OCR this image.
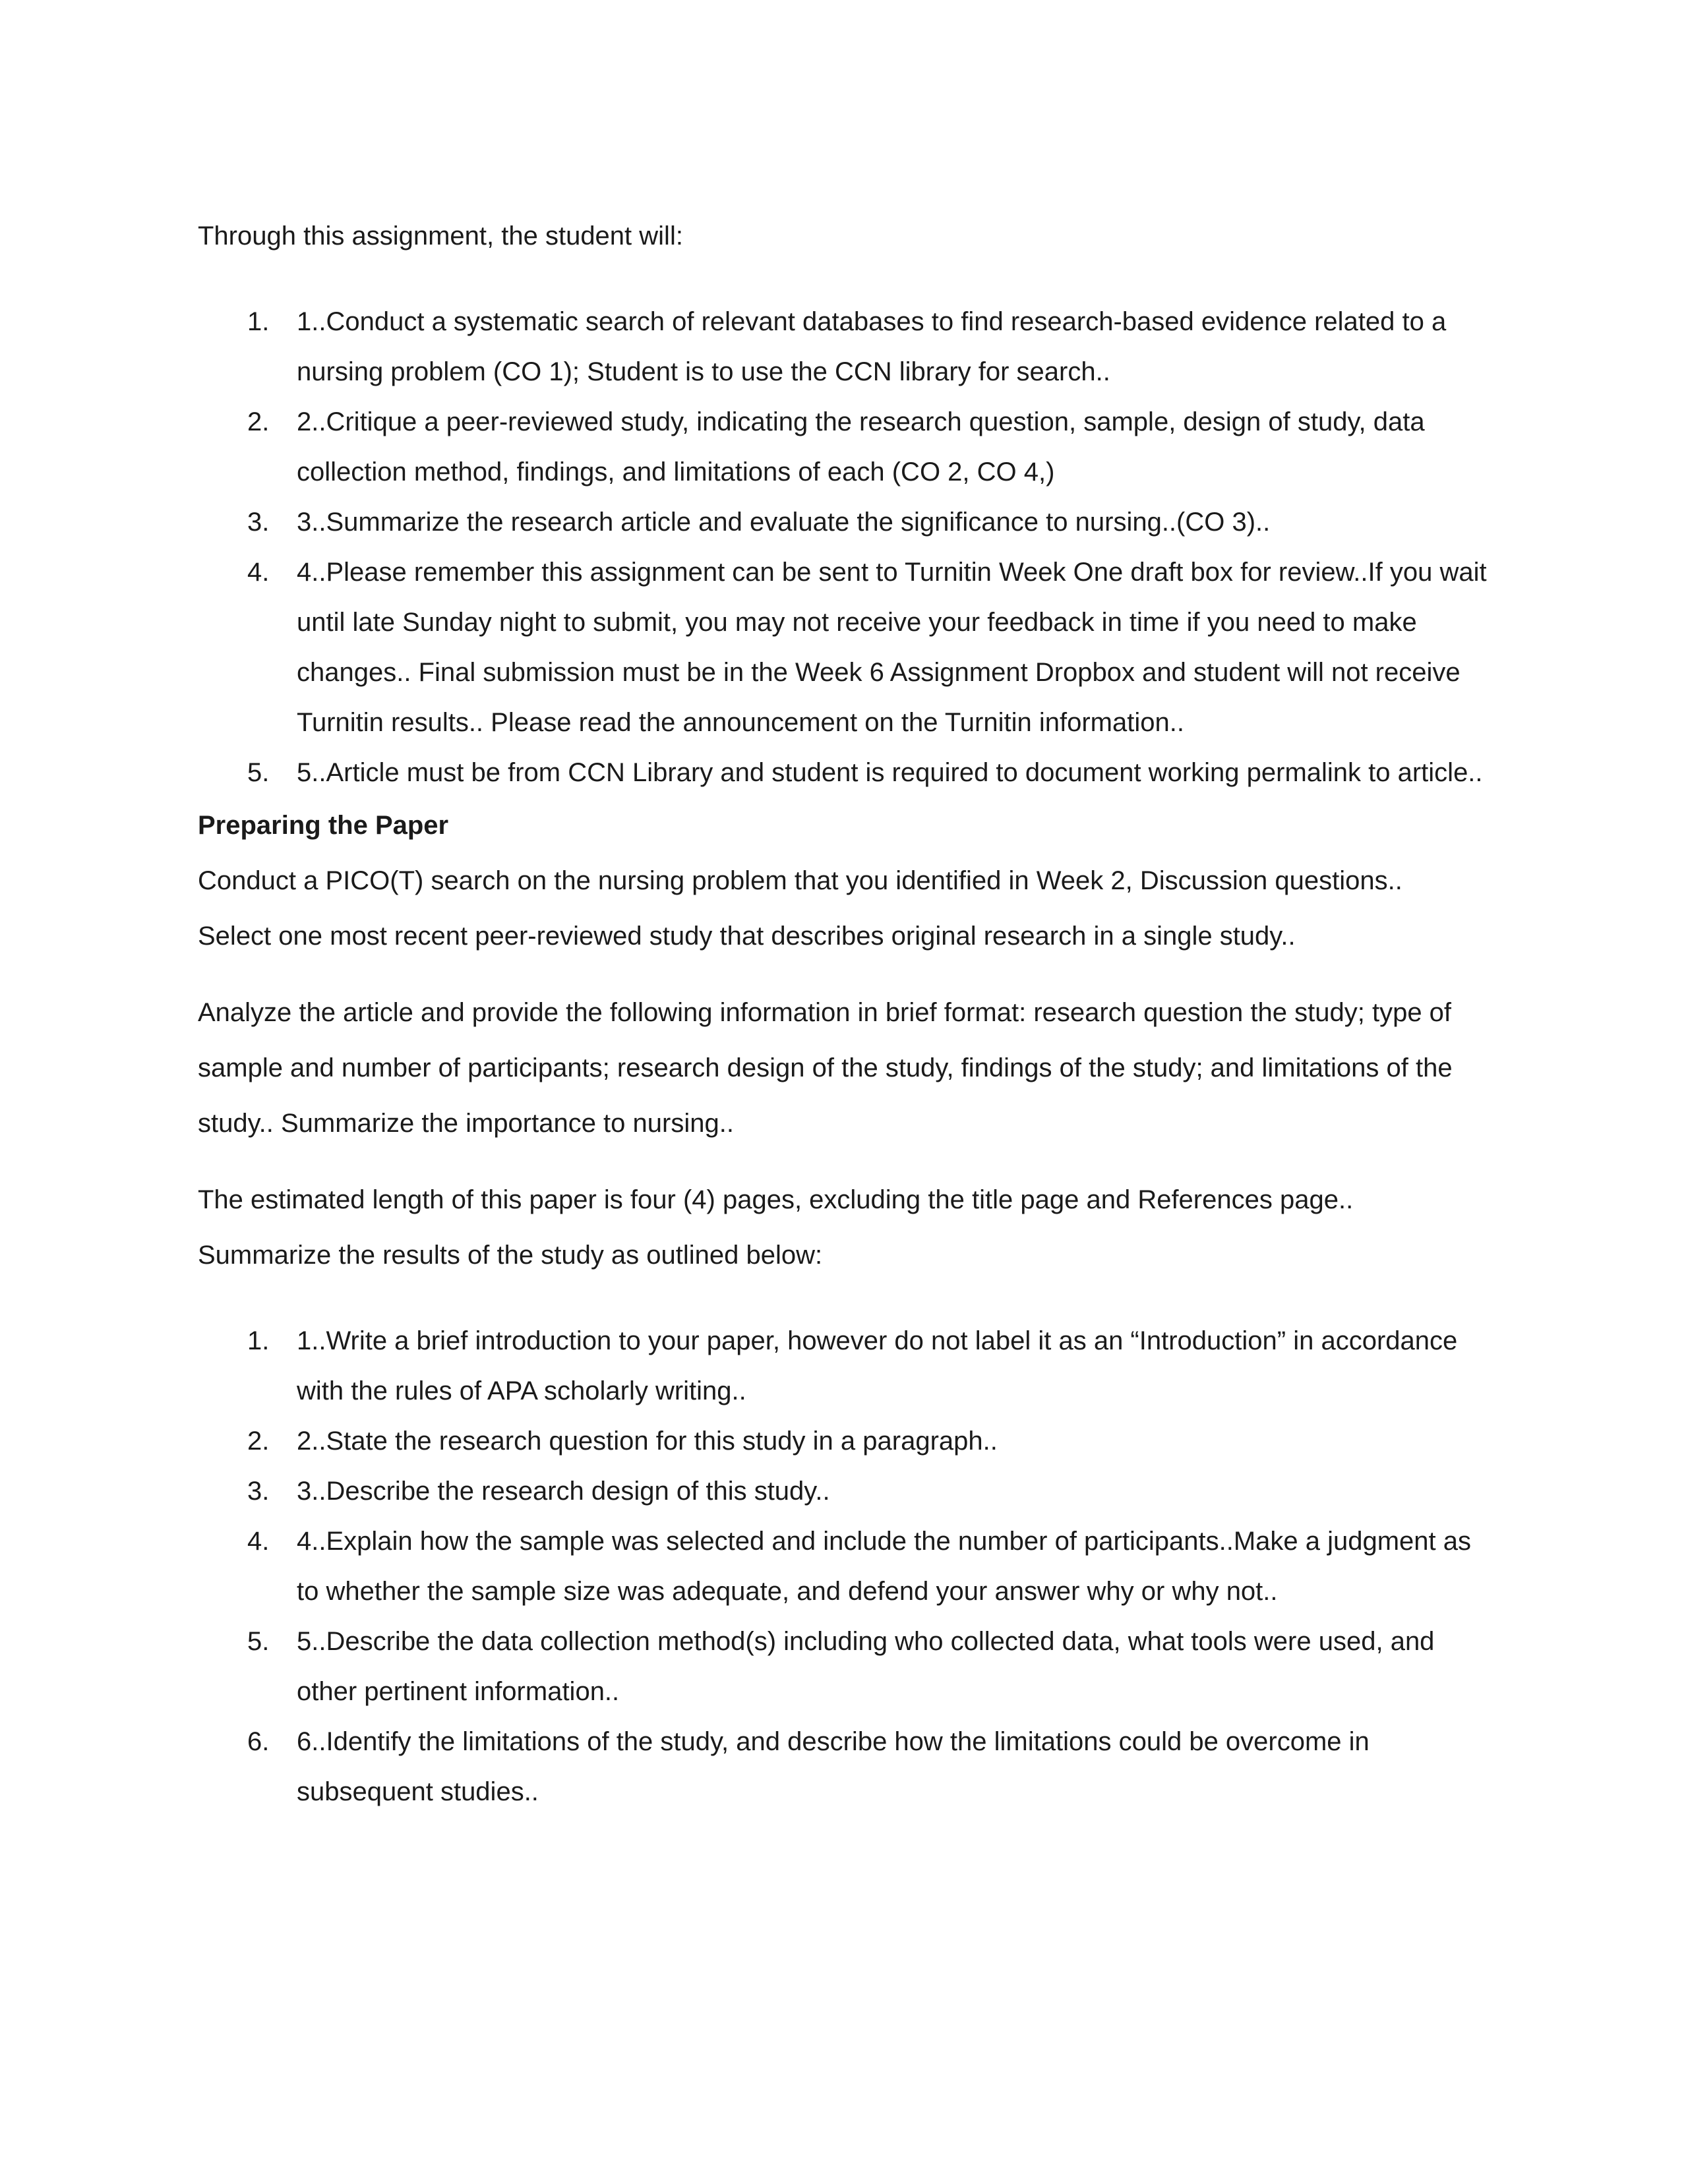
Through this assignment, the student will:

1.	1..Conduct a systematic search of relevant databases to find research-based evidence related to a nursing problem (CO 1); Student is to use the CCN library for search..
2.	2..Critique a peer-reviewed study, indicating the research question, sample, design of study, data collection method, findings, and limitations of each (CO 2, CO 4,)
3.	3..Summarize the research article and evaluate the significance to nursing..(CO 3)..
4.	4..Please remember this assignment can be sent to Turnitin Week One draft box for review..If you wait until late Sunday night to submit, you may not receive your feedback in time if you need to make changes.. Final submission must be in the Week 6 Assignment Dropbox and student will not receive Turnitin results.. Please read the announcement on the Turnitin information..
5.	5..Article must be from CCN Library and student is required to document working permalink to article..

Preparing the Paper

Conduct a PICO(T) search on the nursing problem that you identified in Week 2, Discussion questions..

Select one most recent peer-reviewed study that describes original research in a single study..

Analyze the article and provide the following information in brief format: research question the study; type of sample and number of participants; research design of the study, findings of the study; and limitations of the study.. Summarize the importance to nursing..

The estimated length of this paper is four (4) pages, excluding the title page and References page..

Summarize the results of the study as outlined below:

1.	1..Write a brief introduction to your paper, however do not label it as an “Introduction” in accordance with the rules of APA scholarly writing..
2.	2..State the research question for this study in a paragraph..
3.	3..Describe the research design of this study..
4.	4..Explain how the sample was selected and include the number of participants..Make a judgment as to whether the sample size was adequate, and defend your answer why or why not..
5.	5..Describe the data collection method(s) including who collected data, what tools were used, and other pertinent information..
6.	6..Identify the limitations of the study, and describe how the limitations could be overcome in subsequent studies..
